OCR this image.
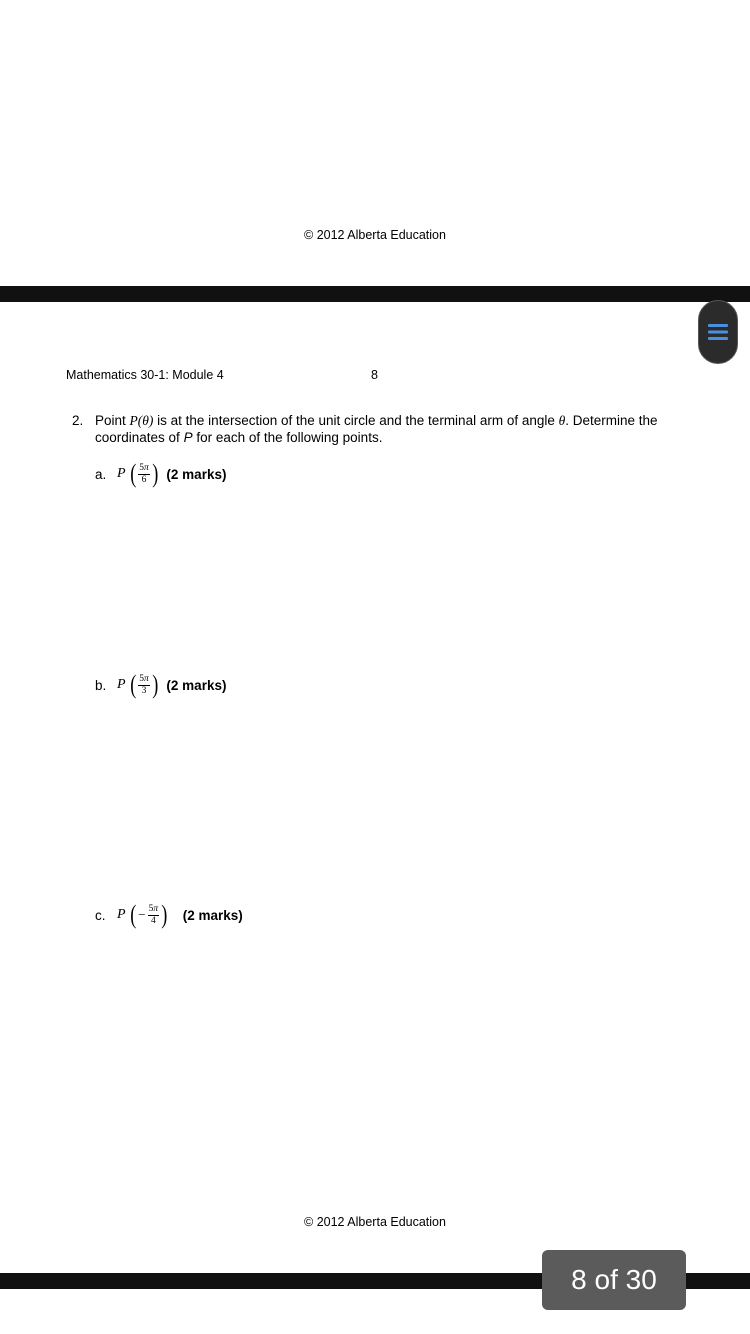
© 2012 Alberta Education
Mathematics 30-1: Module 4	8
2. Point P(θ) is at the intersection of the unit circle and the terminal arm of angle θ. Determine the coordinates of P for each of the following points.
a. P ( $\frac{5\pi}{6}$ ) (2 marks)
b. P ( $\frac{5\pi}{3}$ ) (2 marks)
c. P ( − $\frac{5\pi}{4}$ ) (2 marks)
© 2012 Alberta Education
8 of 30
